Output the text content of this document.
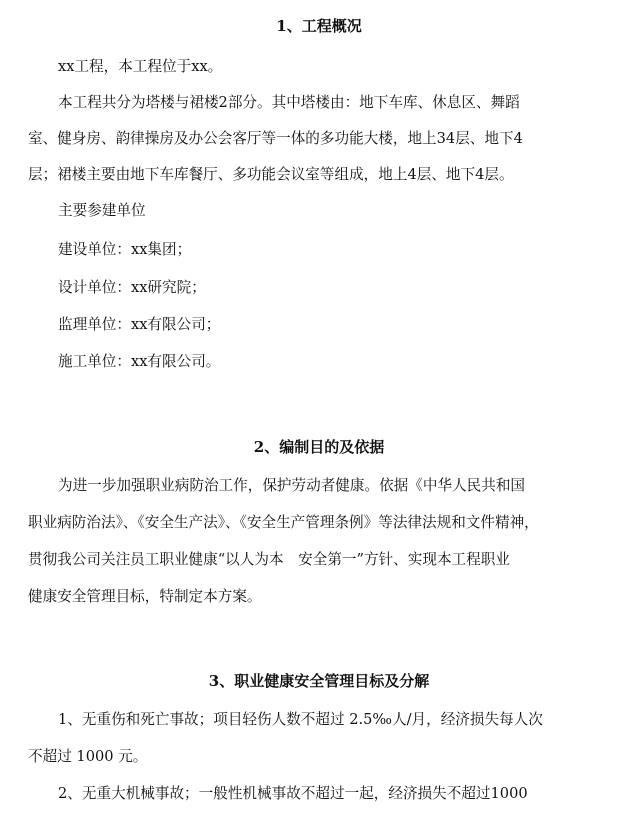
1、工程概况
xx工程，本工程位于xx。
本工程共分为塔楼与裙楼2部分。其中塔楼由：地下车库、休息区、舞蹈
室、健身房、韵律操房及办公会客厅等一体的多功能大楼，地上34层、地下4
层；裙楼主要由地下车库餐厅、多功能会议室等组成，地上4层、地下4层。
主要参建单位
建设单位：xx集团；
设计单位：xx研究院；
监理单位：xx有限公司；
施工单位：xx有限公司。
2、编制目的及依据
为进一步加强职业病防治工作，保护劳动者健康。依据《中华人民共和国
职业病防治法》、《安全生产法》、《安全生产管理条例》等法律法规和文件精神，
贯彻我公司关注员工职业健康“以人为本　安全第一”方针、实现本工程职业
健康安全管理目标，特制定本方案。
3、职业健康安全管理目标及分解
1、无重伤和死亡事故；项目轻伤人数不超过 2.5‰人/月，经济损失每人次
不超过 1000 元。
2、无重大机械事故；一般性机械事故不超过一起，经济损失不超过1000
